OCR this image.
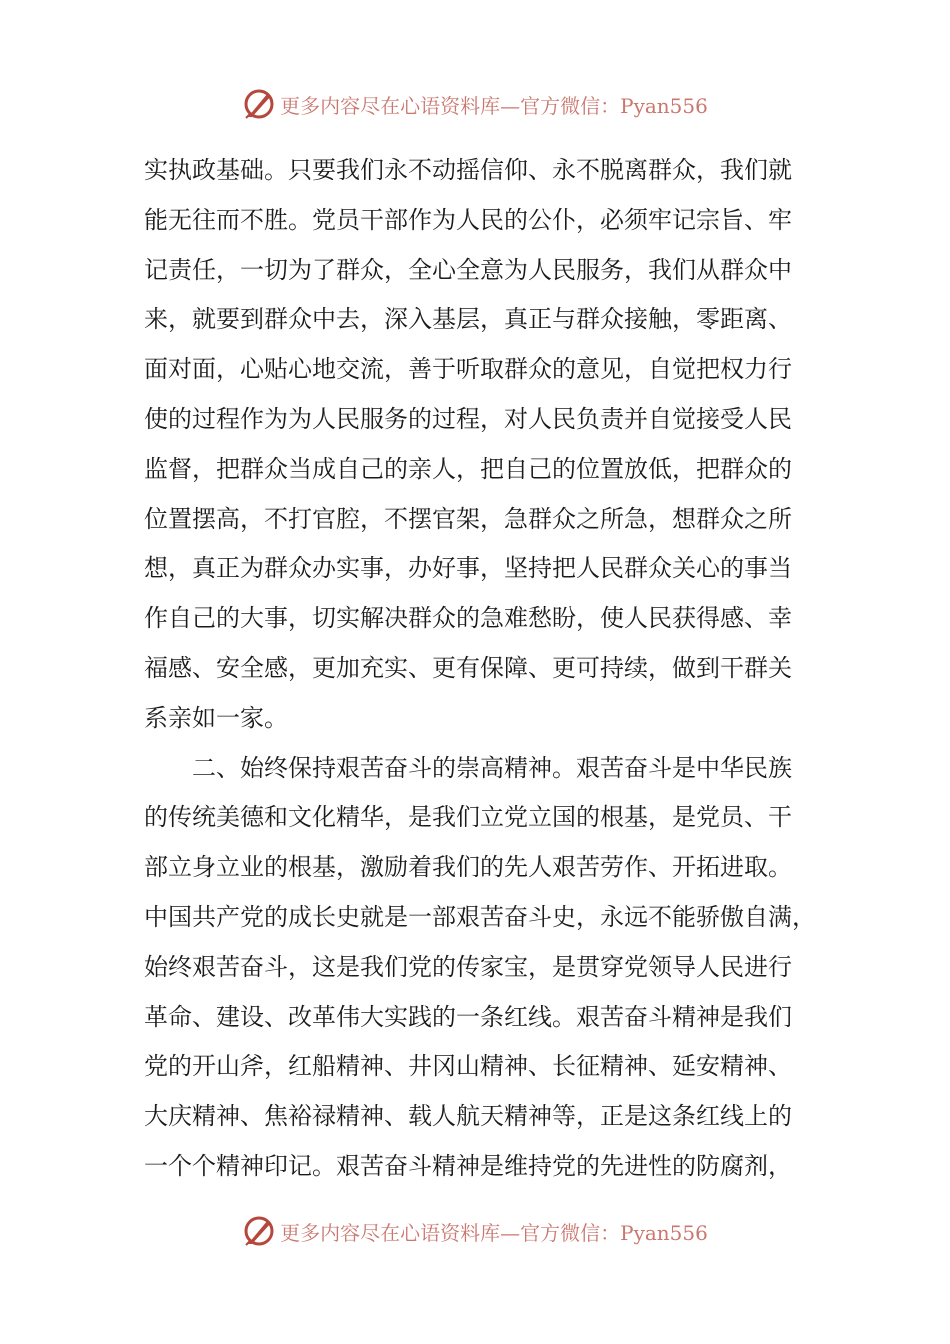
更多内容尽在心语资料库—官方微信：Pyan556
实执政基础。只要我们永不动摇信仰、永不脱离群众，我们就
能无往而不胜。党员干部作为人民的公仆，必须牢记宗旨、牢
记责任，一切为了群众，全心全意为人民服务，我们从群众中
来，就要到群众中去，深入基层，真正与群众接触，零距离、
面对面，心贴心地交流，善于听取群众的意见，自觉把权力行
使的过程作为为人民服务的过程，对人民负责并自觉接受人民
监督，把群众当成自己的亲人，把自己的位置放低，把群众的
位置摆高，不打官腔，不摆官架，急群众之所急，想群众之所
想，真正为群众办实事，办好事，坚持把人民群众关心的事当
作自己的大事，切实解决群众的急难愁盼，使人民获得感、幸
福感、安全感，更加充实、更有保障、更可持续，做到干群关
系亲如一家。
二、始终保持艰苦奋斗的崇高精神。艰苦奋斗是中华民族
的传统美德和文化精华，是我们立党立国的根基，是党员、干
部立身立业的根基，激励着我们的先人艰苦劳作、开拓进取。
中国共产党的成长史就是一部艰苦奋斗史，永远不能骄傲自满，
始终艰苦奋斗，这是我们党的传家宝，是贯穿党领导人民进行
革命、建设、改革伟大实践的一条红线。艰苦奋斗精神是我们
党的开山斧，红船精神、井冈山精神、长征精神、延安精神、
大庆精神、焦裕禄精神、载人航天精神等，正是这条红线上的
一个个精神印记。艰苦奋斗精神是维持党的先进性的防腐剂，
更多内容尽在心语资料库—官方微信：Pyan556
